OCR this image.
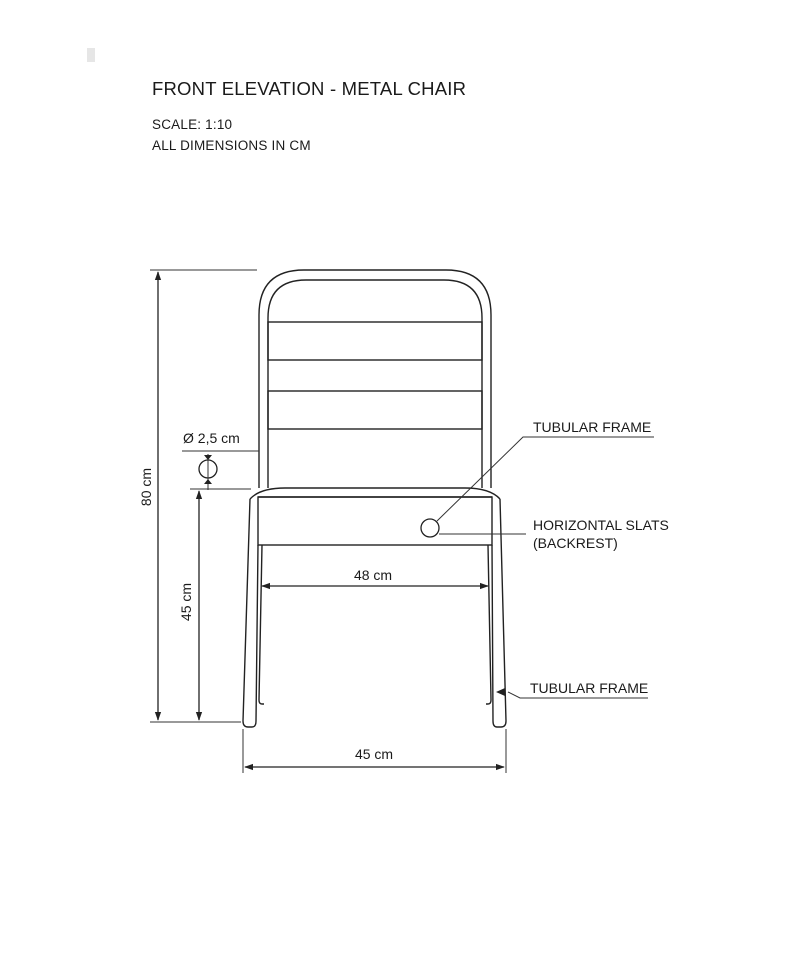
FRONT ELEVATION - METAL CHAIR

SCALE: 1:10

ALL DIMENSIONS IN CM

80 cm
45 cm
Ø 2,5 cm
48 cm
45 cm
TUBULAR FRAME
HORIZONTAL SLATS
(BACKREST)
TUBULAR FRAME
